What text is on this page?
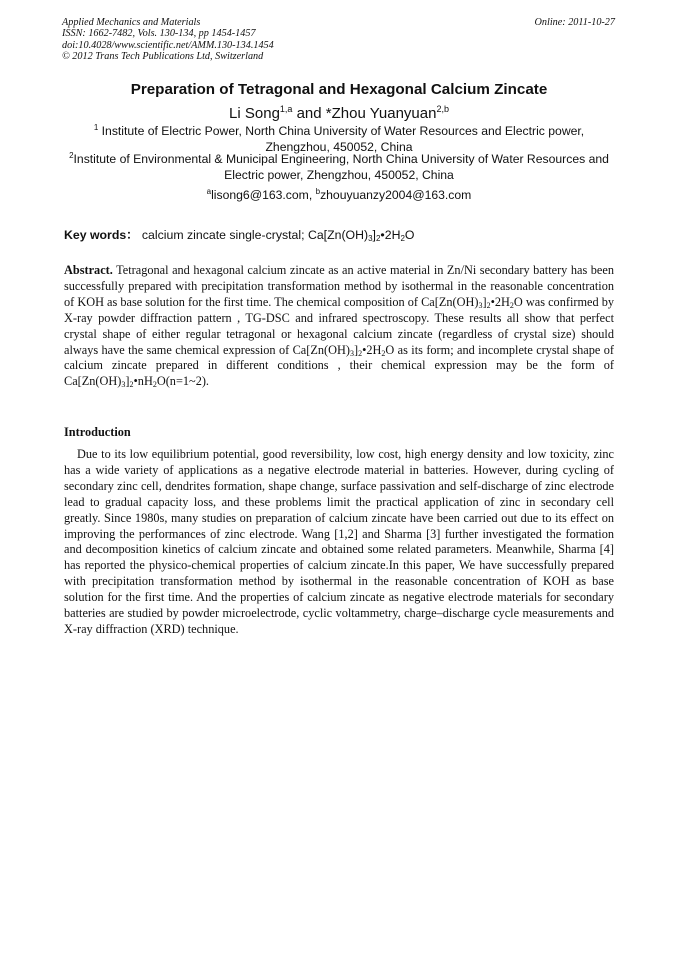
Applied Mechanics and Materials
ISSN: 1662-7482, Vols. 130-134, pp 1454-1457
doi:10.4028/www.scientific.net/AMM.130-134.1454
© 2012 Trans Tech Publications Ltd, Switzerland
Online: 2011-10-27
Preparation of Tetragonal and Hexagonal Calcium Zincate
Li Song$^{1,a}$ and *Zhou Yuanyuan$^{2,b}$
$^1$ Institute of Electric Power, North China University of Water Resources and Electric power, Zhengzhou, 450052, China
$^2$Institute of Environmental & Municipal Engineering, North China University of Water Resources and Electric power, Zhengzhou, 450052, China
$^a$lisong6@163.com, $^b$zhouyuanzy2004@163.com
Key words： calcium zincate single-crystal; $Ca[Zn(OH)_3]_2•2H_2O$
Abstract. Tetragonal and hexagonal calcium zincate as an active material in Zn/Ni secondary battery has been successfully prepared with precipitation transformation method by isothermal in the reasonable concentration of KOH as base solution for the first time. The chemical composition of $Ca[Zn(OH)_3]_2•2H_2O$ was confirmed by X-ray powder diffraction pattern , TG-DSC and infrared spectroscopy. These results all show that perfect crystal shape of either regular tetragonal or hexagonal calcium zincate (regardless of crystal size) should always have the same chemical expression of $Ca[Zn(OH)_3]_2•2H_2O$ as its form; and incomplete crystal shape of calcium zincate prepared in different conditions , their chemical expression may be the form of $Ca[Zn(OH)_3]_2•nH_2O(n=1\sim 2)$.
Introduction
Due to its low equilibrium potential, good reversibility, low cost, high energy density and low toxicity, zinc has a wide variety of applications as a negative electrode material in batteries. However, during cycling of secondary zinc cell, dendrites formation, shape change, surface passivation and self-discharge of zinc electrode lead to gradual capacity loss, and these problems limit the practical application of zinc in secondary cell greatly. Since 1980s, many studies on preparation of calcium zincate have been carried out due to its effect on improving the performances of zinc electrode. Wang [1,2] and Sharma [3] further investigated the formation and decomposition kinetics of calcium zincate and obtained some related parameters. Meanwhile, Sharma [4] has reported the physico-chemical properties of calcium zincate.In this paper, We have successfully prepared with precipitation transformation method by isothermal in the reasonable concentration of KOH as base solution for the first time. And the properties of calcium zincate as negative electrode materials for secondary batteries are studied by powder microelectrode, cyclic voltammetry, charge–discharge cycle measurements and X-ray diffraction (XRD) technique.
